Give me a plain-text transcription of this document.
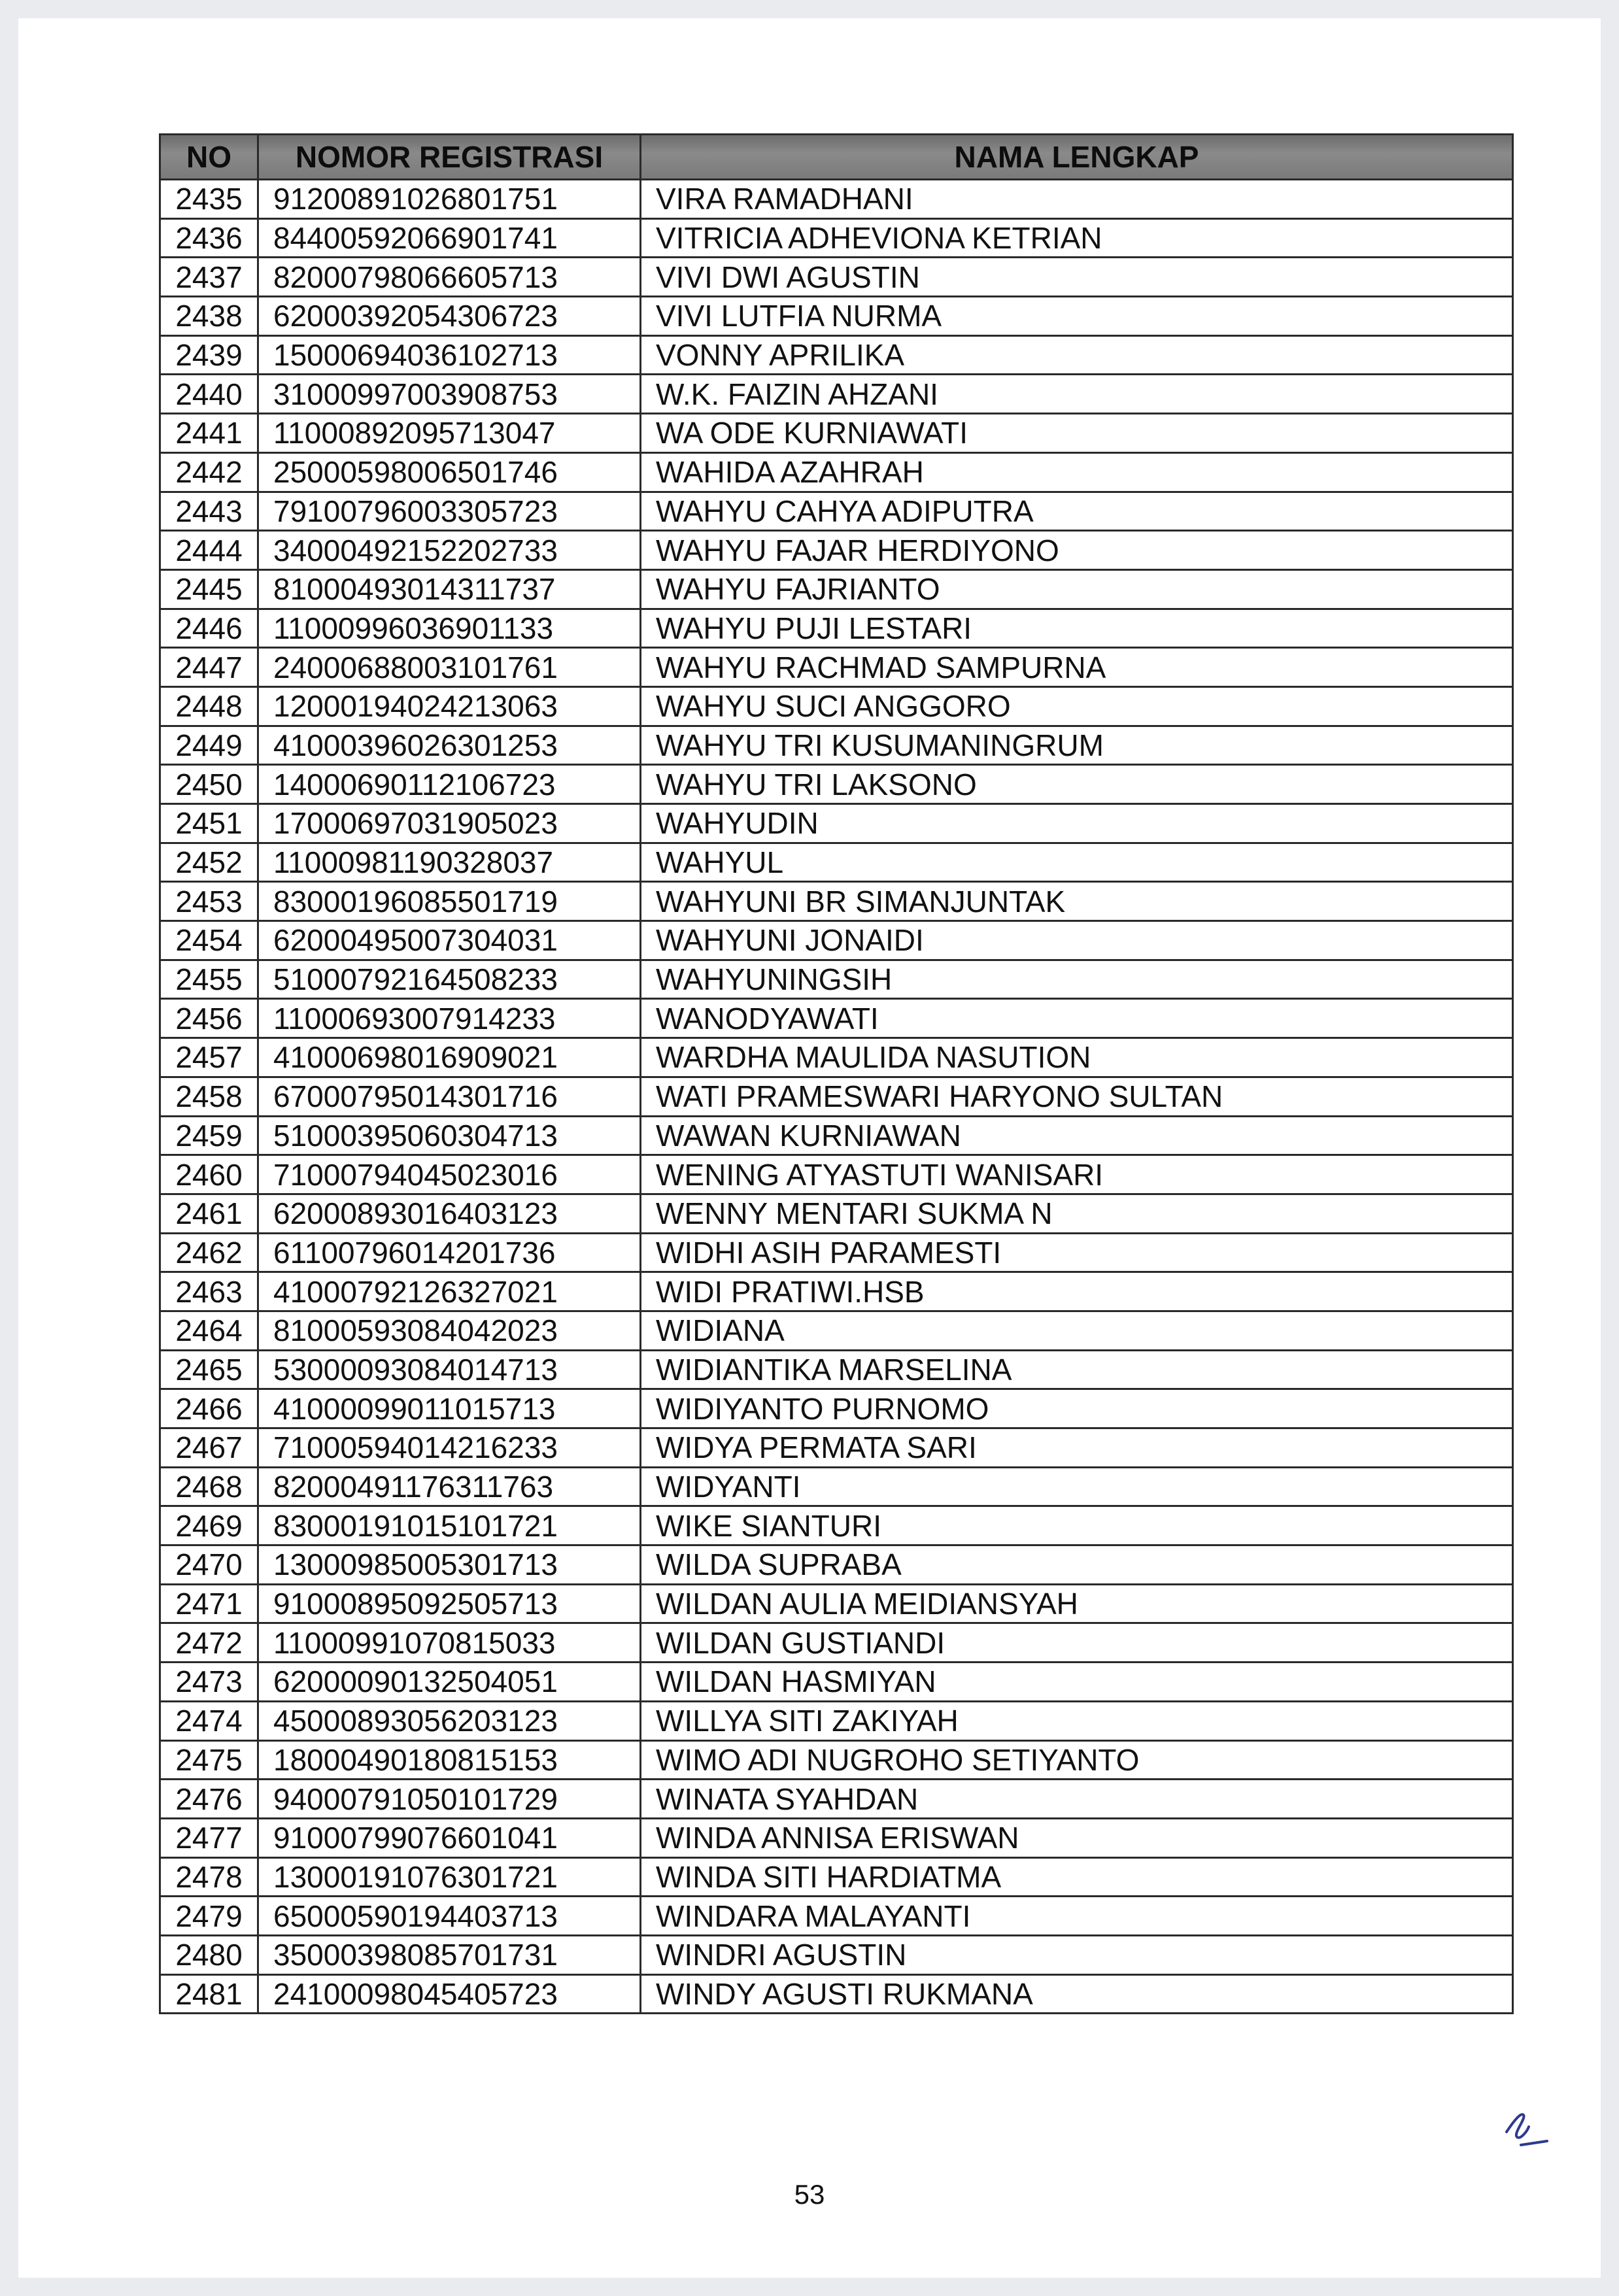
NO	NOMOR REGISTRASI	NAMA LENGKAP
2435	91200891026801751	VIRA RAMADHANI
2436	84400592066901741	VITRICIA ADHEVIONA KETRIAN
2437	82000798066605713	VIVI DWI AGUSTIN
2438	62000392054306723	VIVI LUTFIA NURMA
2439	15000694036102713	VONNY APRILIKA
2440	31000997003908753	W.K. FAIZIN AHZANI
2441	11000892095713047	WA ODE KURNIAWATI
2442	25000598006501746	WAHIDA AZAHRAH
2443	79100796003305723	WAHYU CAHYA ADIPUTRA
2444	34000492152202733	WAHYU FAJAR HERDIYONO
2445	81000493014311737	WAHYU FAJRIANTO
2446	11000996036901133	WAHYU PUJI LESTARI
2447	24000688003101761	WAHYU RACHMAD SAMPURNA
2448	12000194024213063	WAHYU SUCI ANGGORO
2449	41000396026301253	WAHYU TRI KUSUMANINGRUM
2450	14000690112106723	WAHYU TRI LAKSONO
2451	17000697031905023	WAHYUDIN
2452	11000981190328037	WAHYUL
2453	83000196085501719	WAHYUNI BR SIMANJUNTAK
2454	62000495007304031	WAHYUNI JONAIDI
2455	51000792164508233	WAHYUNINGSIH
2456	11000693007914233	WANODYAWATI
2457	41000698016909021	WARDHA MAULIDA NASUTION
2458	67000795014301716	WATI PRAMESWARI HARYONO SULTAN
2459	51000395060304713	WAWAN KURNIAWAN
2460	71000794045023016	WENING ATYASTUTI WANISARI
2461	62000893016403123	WENNY MENTARI SUKMA N
2462	61100796014201736	WIDHI ASIH PARAMESTI
2463	41000792126327021	WIDI PRATIWI.HSB
2464	81000593084042023	WIDIANA
2465	53000093084014713	WIDIANTIKA MARSELINA
2466	41000099011015713	WIDIYANTO PURNOMO
2467	71000594014216233	WIDYA PERMATA SARI
2468	82000491176311763	WIDYANTI
2469	83000191015101721	WIKE SIANTURI
2470	13000985005301713	WILDA SUPRABA
2471	91000895092505713	WILDAN AULIA MEIDIANSYAH
2472	11000991070815033	WILDAN GUSTIANDI
2473	62000090132504051	WILDAN HASMIYAN
2474	45000893056203123	WILLYA SITI ZAKIYAH
2475	18000490180815153	WIMO ADI NUGROHO SETIYANTO
2476	94000791050101729	WINATA SYAHDAN
2477	91000799076601041	WINDA ANNISA ERISWAN
2478	13000191076301721	WINDA SITI HARDIATMA
2479	65000590194403713	WINDARA MALAYANTI
2480	35000398085701731	WINDRI AGUSTIN
2481	24100098045405723	WINDY AGUSTI RUKMANA
53
